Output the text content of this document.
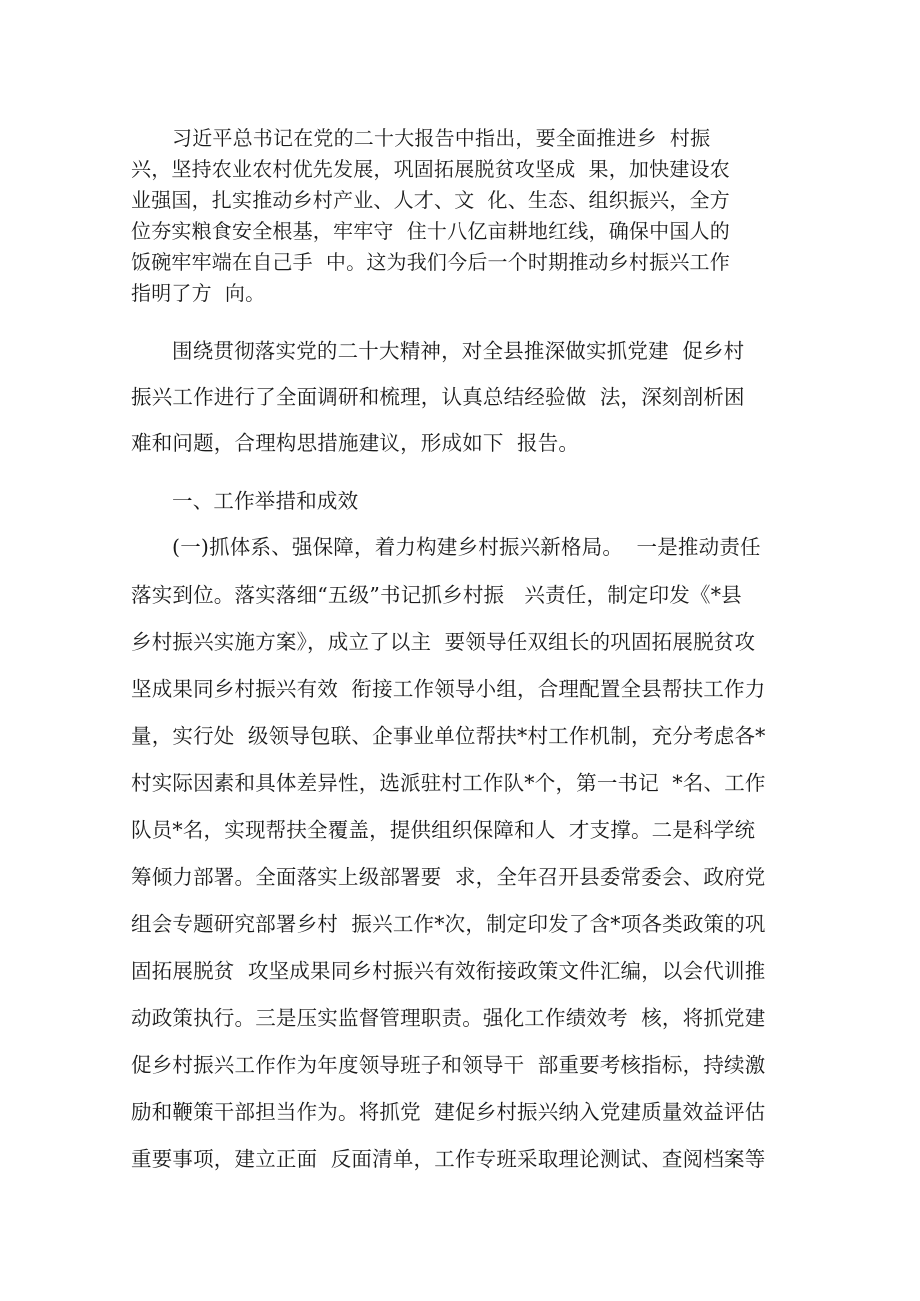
习近平总书记在党的二十大报告中指出，要全面推进乡  村振
兴，坚持农业农村优先发展，巩固拓展脱贫攻坚成  果，加快建设农
业强国，扎实推动乡村产业、人才、文  化、生态、组织振兴，全方
位夯实粮食安全根基，牢牢守  住十八亿亩耕地红线，确保中国人的
饭碗牢牢端在自己手  中。这为我们今后一个时期推动乡村振兴工作
指明了方  向。
围绕贯彻落实党的二十大精神，对全县推深做实抓党建  促乡村
振兴工作进行了全面调研和梳理，认真总结经验做  法，深刻剖析困
难和问题，合理构思措施建议，形成如下  报告。
一、工作举措和成效
(一)抓体系、强保障，着力构建乡村振兴新格局。  一是推动责任
落实到位。落实落细“五级”书记抓乡村振   兴责任，制定印发《*县
乡村振兴实施方案》，成立了以主  要领导任双组长的巩固拓展脱贫攻
坚成果同乡村振兴有效  衔接工作领导小组，合理配置全县帮扶工作力
量，实行处  级领导包联、企事业单位帮扶*村工作机制，充分考虑各*
村实际因素和具体差异性，选派驻村工作队*个，第一书记  *名、工作
队员*名，实现帮扶全覆盖，提供组织保障和人  才支撑。二是科学统
筹倾力部署。全面落实上级部署要  求，全年召开县委常委会、政府党
组会专题研究部署乡村  振兴工作*次，制定印发了含*项各类政策的巩
固拓展脱贫  攻坚成果同乡村振兴有效衔接政策文件汇编，以会代训推
动政策执行。三是压实监督管理职责。强化工作绩效考  核，将抓党建
促乡村振兴工作作为年度领导班子和领导干  部重要考核指标，持续激
励和鞭策干部担当作为。将抓党  建促乡村振兴纳入党建质量效益评估
重要事项，建立正面  反面清单，工作专班采取理论测试、查阅档案等
